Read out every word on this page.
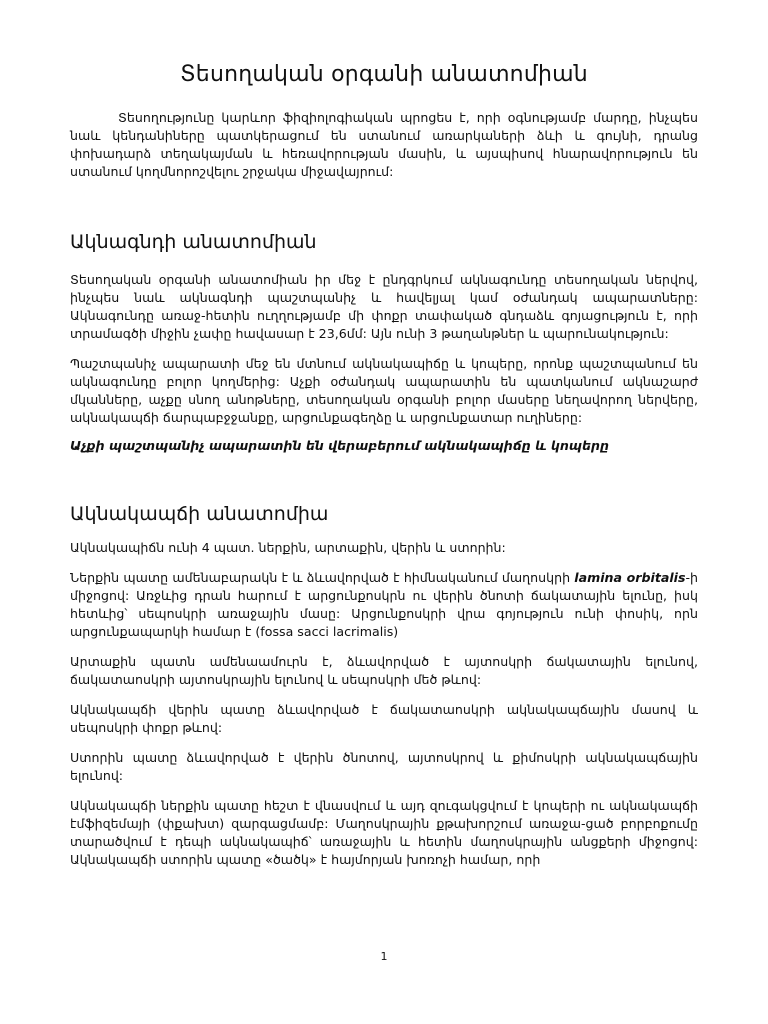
Տեսողական օրգանի անատոմիան

Տեսողությունը կարևոր ֆիզիոլոգիական պրոցես է, որի օգնությամբ մարդը, ինչպես նաև կենդանիները պատկերացում են ստանում առարկաների ձևի և գույնի, դրանց փոխադարձ տեղակայման և հեռավորության մասին, և այսպիսով հնարավորություն են ստանում կողմնորոշվելու շրջակա միջավայրում:

Ակնագնդի անատոմիան

Տեսողական օրգանի անատոմիան իր մեջ է ընդգրկում ակնագունդը տեսողական ներվով, ինչպես նաև ակնագնդի պաշտպանիչ և հավելյալ կամ օժանդակ ապարատները: Ակնագունդը առաջ-հետին ուղղությամբ մի փոքր տափակած գնդաձև գոյացություն է, որի տրամագծի միջին չափը հավասար է 23,6մմ: Այն ունի 3 թաղանթներ և պարունակություն:

Պաշտպանիչ ապարատի մեջ են մտնում ակնակապիճը և կոպերը, որոնք պաշտպանում են ակնագունդը բոլոր կողմերից: Աչքի օժանդակ ապարատին են պատկանում ակնաշարժ մկանները, աչքը սնող անոթները, տեսողական օրգանի բոլոր մասերը նեղավորող ներվերը, ակնակապճի ճարպաբջջանքը, արցունքագեղձը և արցունքատար ուղիները:

Աչքի պաշտպանիչ ապարատին են վերաբերում ակնակապիճը և կոպերը

Ակնակապճի անատոմիա

Ակնակապիճն ունի 4 պատ. ներքին, արտաքին, վերին և ստորին:

Ներքին պատը ամենաբարակն է և ձևավորված է հիմնականում մաղոսկրի lamina orbitalis-ի միջոցով: Առջևից դրան հարում է արցունքոսկրն ու վերին ծնոտի ճակատային ելունը, իսկ հետևից՝ սեպոսկրի առաջային մասը: Արցունքոսկրի վրա գոյություն ունի փոսիկ, որն արցունքապարկի համար է (fossa sacci lacrimalis)

Արտաքին պատն ամենաամուրն է, ձևավորված է այտոսկրի ճակատային ելունով, ճակատաոսկրի այտոսկրային ելունով և սեպոսկրի մեծ թևով:

Ակնակապճի վերին պատը ձևավորված է ճակատաոսկրի ակնակապճային մասով և սեպոսկրի փոքր թևով:

Ստորին պատը ձևավորված է վերին ծնոտով, այտոսկրով և քիմոսկրի ակնակապճային ելունով:

Ակնակապճի ներքին պատը հեշտ է վնասվում և այդ զուգակցվում է կոպերի ու ակնակապճի էմֆիզեմայի (փքախտ) զարգացմամբ: Մաղոսկրային քթախորշում առաջա-ցած բորբոքումը տարածվում է դեպի ակնակապիճ՝ առաջային և հետին մաղոսկրային անցքերի միջոցով: Ակնակապճի ստորին պատը «ծածկ» է հայմորյան խոռոչի համար, որի

1
